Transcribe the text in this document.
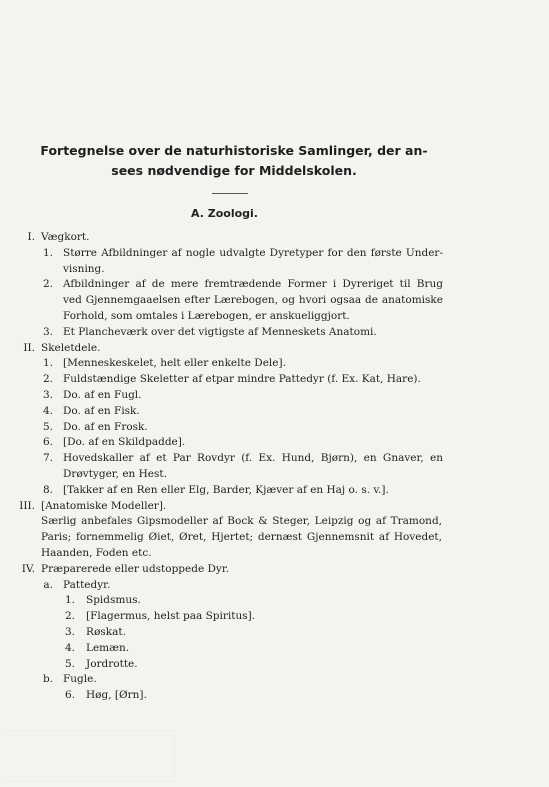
Fortegnelse over de naturhistoriske Samlinger, der an-
sees nødvendige for Middelskolen.
A. Zoologi.
I. Vægkort.
1. Større Afbildninger af nogle udvalgte Dyretyper for den første Under-
visning.
2. Afbildninger af de mere fremtrædende Former i Dyreriget til Brug
ved Gjennemgaaelsen efter Lærebogen, og hvori ogsaa de anatomiske
Forhold, som omtales i Lærebogen, er anskueliggjort.
3. Et Plancheværk over det vigtigste af Menneskets Anatomi.
II. Skeletdele.
1. [Menneskeskelet, helt eller enkelte Dele].
2. Fuldstændige Skeletter af etpar mindre Pattedyr (f. Ex. Kat, Hare).
3. Do. af en Fugl.
4. Do. af en Fisk.
5. Do. af en Frosk.
6. [Do. af en Skildpadde].
7. Hovedskaller af et Par Rovdyr (f. Ex. Hund, Bjørn), en Gnaver, en
Drøvtyger, en Hest.
8. [Takker af en Ren eller Elg, Barder, Kjæver af en Haj o. s. v.].
III. [Anatomiske Modeller].
Særlig anbefales Gipsmodeller af Bock & Steger, Leipzig og af Tramond,
Paris; fornemmelig Øiet, Øret, Hjertet; dernæst Gjennemsnit af Hovedet,
Haanden, Foden etc.
IV. Præparerede eller udstoppede Dyr.
a. Pattedyr.
1. Spidsmus.
2. [Flagermus, helst paa Spiritus].
3. Røskat.
4. Lemæn.
5. Jordrotte.
b. Fugle.
6. Høg, [Ørn].
